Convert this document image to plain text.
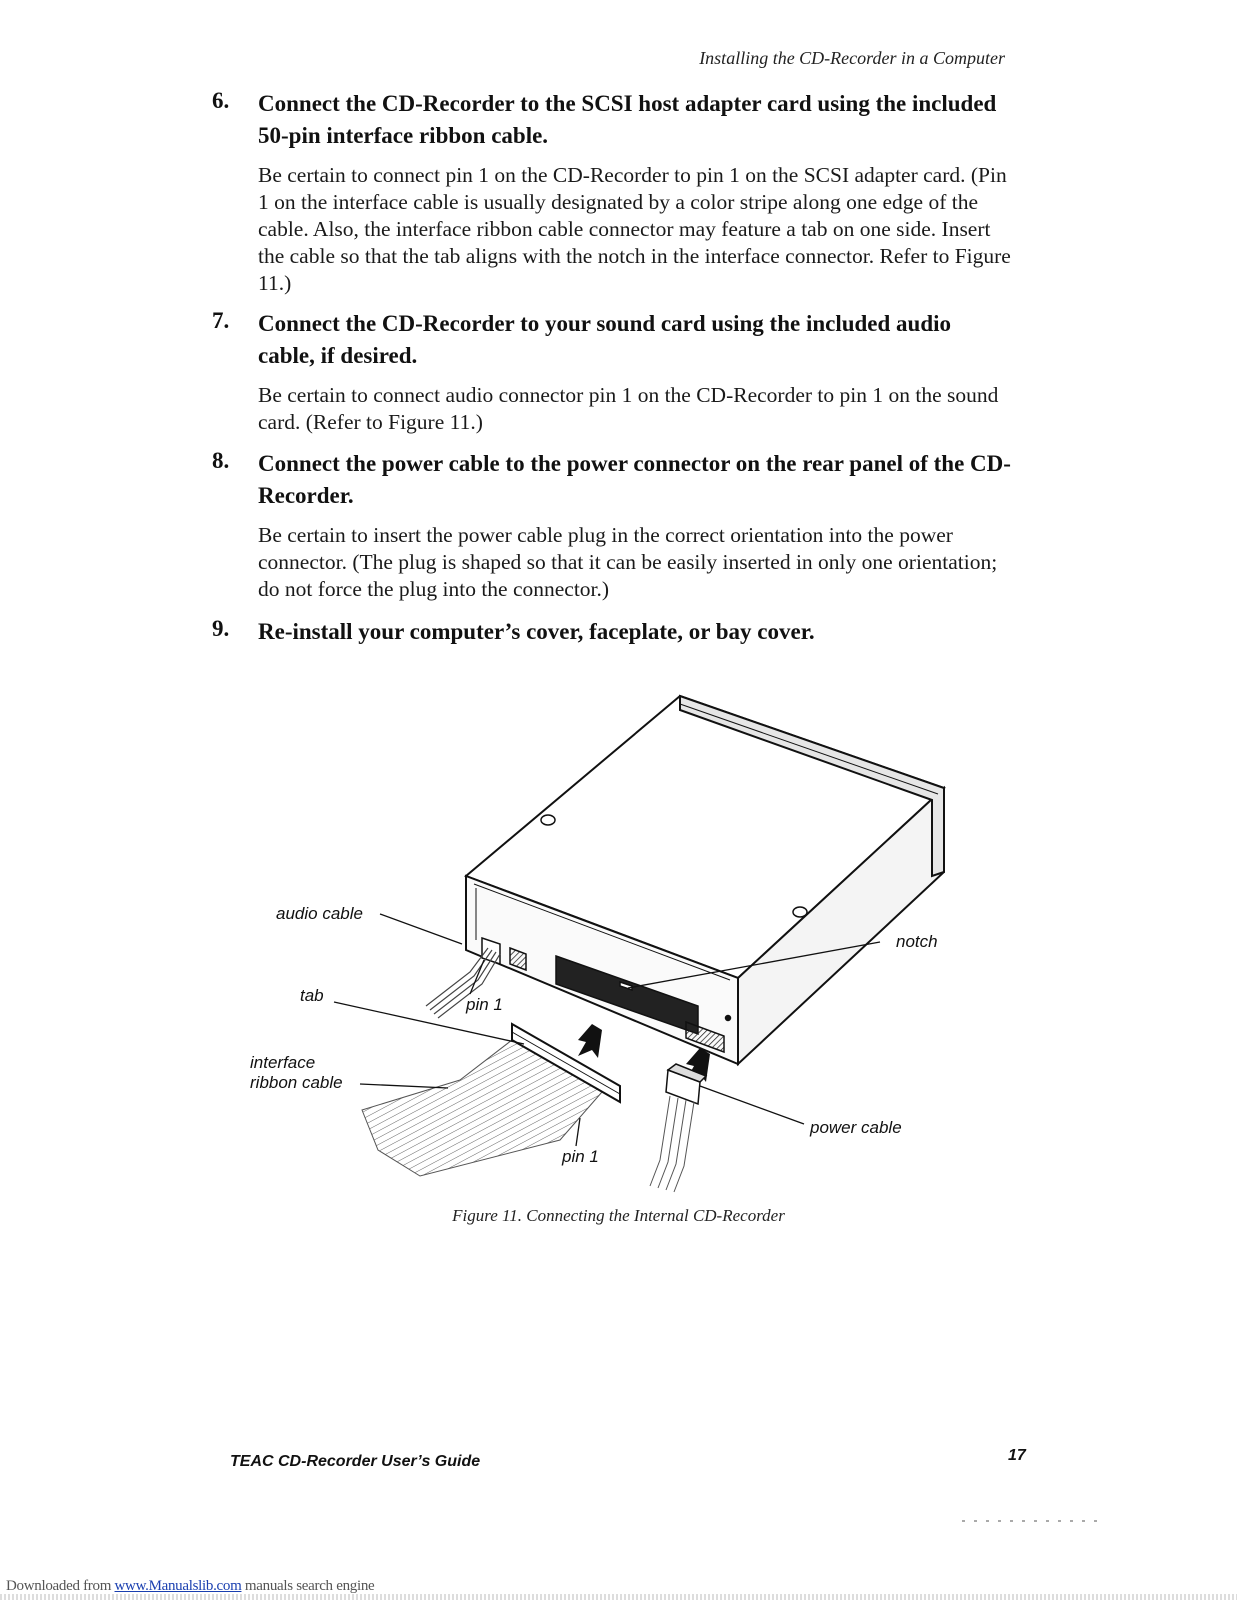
Installing the CD-Recorder in a Computer
6. Connect the CD-Recorder to the SCSI host adapter card using the included 50-pin interface ribbon cable.
Be certain to connect pin 1 on the CD-Recorder to pin 1 on the SCSI adapter card. (Pin 1 on the interface cable is usually designated by a color stripe along one edge of the cable. Also, the interface ribbon cable connector may feature a tab on one side. Insert the cable so that the tab aligns with the notch in the interface connector. Refer to Figure 11.)
7. Connect the CD-Recorder to your sound card using the included audio cable, if desired.
Be certain to connect audio connector pin 1 on the CD-Recorder to pin 1 on the sound card. (Refer to Figure 11.)
8. Connect the power cable to the power connector on the rear panel of the CD-Recorder.
Be certain to insert the power cable plug in the correct orientation into the power connector. (The plug is shaped so that it can be easily inserted in only one orientation; do not force the plug into the connector.)
9. Re-install your computer’s cover, faceplate, or bay cover.
audio cable
tab
interface
ribbon cable
pin 1
pin 1
notch
power cable
Figure 11. Connecting the Internal CD-Recorder
TEAC CD-Recorder User’s Guide	17
Downloaded from www.Manualslib.com manuals search engine
